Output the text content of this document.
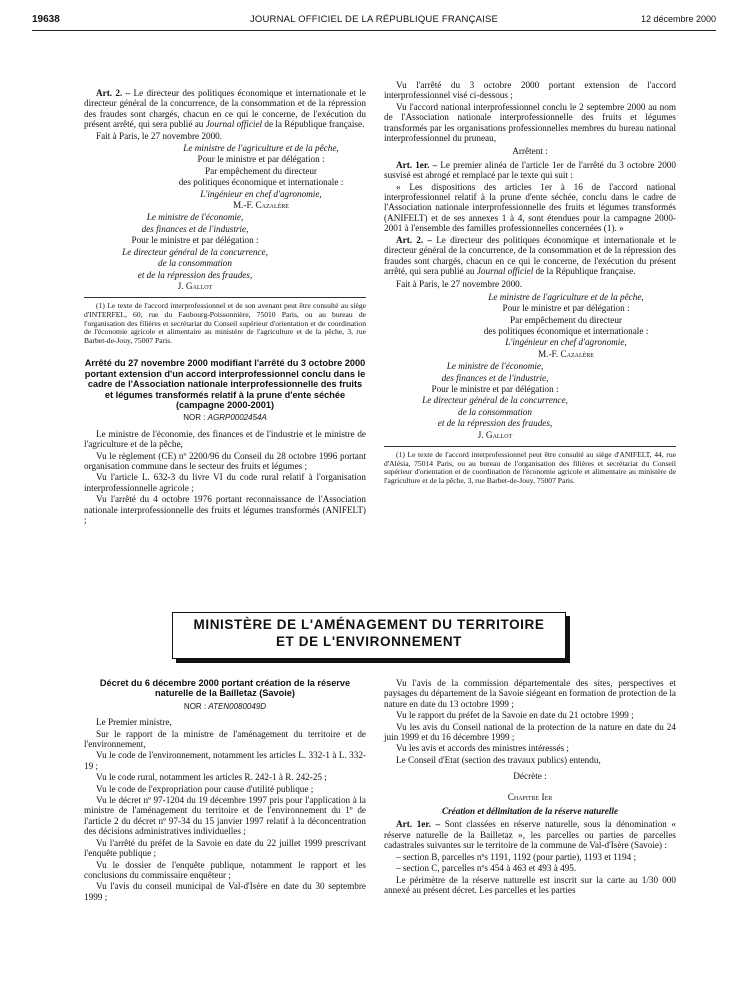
19638	JOURNAL OFFICIEL DE LA RÉPUBLIQUE FRANÇAISE	12 décembre 2000

Art. 2. – Le directeur des politiques économique et internationale et le directeur général de la concurrence, de la consommation et de la répression des fraudes sont chargés, chacun en ce qui le concerne, de l'exécution du présent arrêté, qui sera publié au Journal officiel de la République française.

Fait à Paris, le 27 novembre 2000.

Le ministre de l'agriculture et de la pêche,

Pour le ministre et par délégation :

Par empêchement du directeur

des politiques économique et internationale :

L'ingénieur en chef d'agronomie,

M.-F. Cazalère

Le ministre de l'économie,

des finances et de l'industrie,

Pour le ministre et par délégation :

Le directeur général de la concurrence,

de la consommation

et de la répression des fraudes,

J. Gallot

(1) Le texte de l'accord interprofessionnel et de son avenant peut être consulté au siège d'INTERFEL, 60, rue du Faubourg-Poissonnière, 75010 Paris, ou au bureau de l'organisation des filières et secrétariat du Conseil supérieur d'orientation et de coordination de l'économie agricole et alimentaire au ministère de l'agriculture et de la pêche, 3, rue Barbet-de-Jouy, 75007 Paris.

Arrêté du 27 novembre 2000 modifiant l'arrêté du 3 octobre 2000 portant extension d'un accord interprofessionnel conclu dans le cadre de l'Association nationale interprofessionnelle des fruits et légumes transformés relatif à la prune d'ente séchée (campagne 2000-2001)
NOR : AGRP0002454A

Le ministre de l'économie, des finances et de l'industrie et le ministre de l'agriculture et de la pêche,

Vu le règlement (CE) nº 2200/96 du Conseil du 28 octobre 1996 portant organisation commune dans le secteur des fruits et légumes ;

Vu l'article L. 632-3 du livre VI du code rural relatif à l'organisation interprofessionnelle agricole ;

Vu l'arrêté du 4 octobre 1976 portant reconnaissance de l'Association nationale interprofessionnelle des fruits et légumes transformés (ANIFELT) ;

Vu l'arrêté du 3 octobre 2000 portant extension de l'accord interprofessionnel visé ci-dessous ;

Vu l'accord national interprofessionnel conclu le 2 septembre 2000 au nom de l'Association nationale interprofessionnelle des fruits et légumes transformés par les organisations professionnelles membres du bureau national interprofessionnel du pruneau,

Arrêtent :

Art. 1er. – Le premier alinéa de l'article 1er de l'arrêté du 3 octobre 2000 susvisé est abrogé et remplacé par le texte qui suit :

« Les dispositions des articles 1er à 16 de l'accord national interprofessionnel relatif à la prune d'ente séchée, conclu dans le cadre de l'Association nationale interprofessionnelle des fruits et légumes transformés (ANIFELT) et de ses annexes 1 à 4, sont étendues pour la campagne 2000-2001 à l'ensemble des familles professionnelles concernées (1). »

Art. 2. – Le directeur des politiques économique et internationale et le directeur général de la concurrence, de la consommation et de la répression des fraudes sont chargés, chacun en ce qui le concerne, de l'exécution du présent arrêté, qui sera publié au Journal officiel de la République française.

Fait à Paris, le 27 novembre 2000.

Le ministre de l'agriculture et de la pêche,

Pour le ministre et par délégation :

Par empêchement du directeur

des politiques économique et internationale :

L'ingénieur en chef d'agronomie,

M.-F. Cazalère

Le ministre de l'économie,

des finances et de l'industrie,

Pour le ministre et par délégation :

Le directeur général de la concurrence,

de la consommation

et de la répression des fraudes,

J. Gallot

(1) Le texte de l'accord interprofessionnel peut être consulté au siège d'ANIFELT, 44, rue d'Alésia, 75014 Paris, ou au bureau de l'organisation des filières et secrétariat du Conseil supérieur d'orientation et de coordination de l'économie agricole et alimentaire au ministère de l'agriculture et de la pêche, 3, rue Barbet-de-Jouy, 75007 Paris.

MINISTÈRE DE L'AMÉNAGEMENT DU TERRITOIRE
ET DE L'ENVIRONNEMENT
Décret du 6 décembre 2000 portant création de la réserve naturelle de la Bailletaz (Savoie)
NOR : ATEN0080049D

Le Premier ministre,

Sur le rapport de la ministre de l'aménagement du territoire et de l'environnement,

Vu le code de l'environnement, notamment les articles L. 332-1 à L. 332-19 ;

Vu le code rural, notamment les articles R. 242-1 à R. 242-25 ;

Vu le code de l'expropriation pour cause d'utilité publique ;

Vu le décret nº 97-1204 du 19 décembre 1997 pris pour l'application à la ministre de l'aménagement du territoire et de l'environnement du 1º de l'article 2 du décret nº 97-34 du 15 janvier 1997 relatif à la déconcentration des décisions administratives individuelles ;

Vu l'arrêté du préfet de la Savoie en date du 22 juillet 1999 prescrivant l'enquête publique ;

Vu le dossier de l'enquête publique, notamment le rapport et les conclusions du commissaire enquêteur ;

Vu l'avis du conseil municipal de Val-d'Isère en date du 30 septembre 1999 ;

Vu l'avis de la commission départementale des sites, perspectives et paysages du département de la Savoie siégeant en formation de protection de la nature en date du 13 octobre 1999 ;

Vu le rapport du préfet de la Savoie en date du 21 octobre 1999 ;

Vu les avis du Conseil national de la protection de la nature en date du 24 juin 1999 et du 16 décembre 1999 ;

Vu les avis et accords des ministres intéressés ;

Le Conseil d'Etat (section des travaux publics) entendu,

Décrète :

Chapitre Ier

Création et délimitation de la réserve naturelle

Art. 1er. – Sont classées en réserve naturelle, sous la dénomination « réserve naturelle de la Bailletaz », les parcelles ou parties de parcelles cadastrales suivantes sur le territoire de la commune de Val-d'Isère (Savoie) :

– section B, parcelles nºs 1191, 1192 (pour partie), 1193 et 1194 ;

– section C, parcelles nºs 454 à 463 et 493 à 495.

Le périmètre de la réserve naturelle est inscrit sur la carte au 1/30 000 annexé au présent décret. Les parcelles et les parties
